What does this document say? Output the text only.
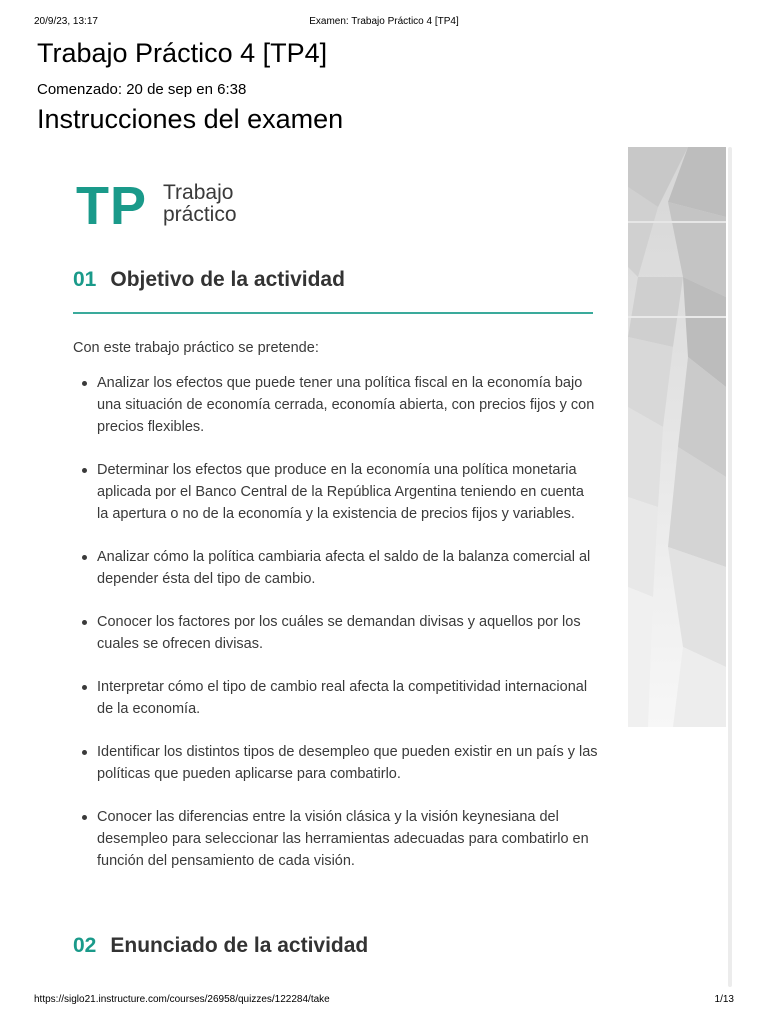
20/9/23, 13:17	Examen: Trabajo Práctico 4 [TP4]
Trabajo Práctico 4 [TP4]
Comenzado: 20 de sep en 6:38
Instrucciones del examen
TP Trabajo
práctico
01 Objetivo de la actividad
Con este trabajo práctico se pretende:
Analizar los efectos que puede tener una política fiscal en la economía bajo una situación de economía cerrada, economía abierta, con precios fijos y con precios flexibles.
Determinar los efectos que produce en la economía una política monetaria aplicada por el Banco Central de la República Argentina teniendo en cuenta la apertura o no de la economía y la existencia de precios fijos y variables.
Analizar cómo la política cambiaria afecta el saldo de la balanza comercial al depender ésta del tipo de cambio.
Conocer los factores por los cuáles se demandan divisas y aquellos por los cuales se ofrecen divisas.
Interpretar cómo el tipo de cambio real afecta la competitividad internacional de la economía.
Identificar los distintos tipos de desempleo que pueden existir en un país y las políticas que pueden aplicarse para combatirlo.
Conocer las diferencias entre la visión clásica y la visión keynesiana del desempleo para seleccionar las herramientas adecuadas para combatirlo en función del pensamiento de cada visión.
02 Enunciado de la actividad
https://siglo21.instructure.com/courses/26958/quizzes/122284/take	1/13
